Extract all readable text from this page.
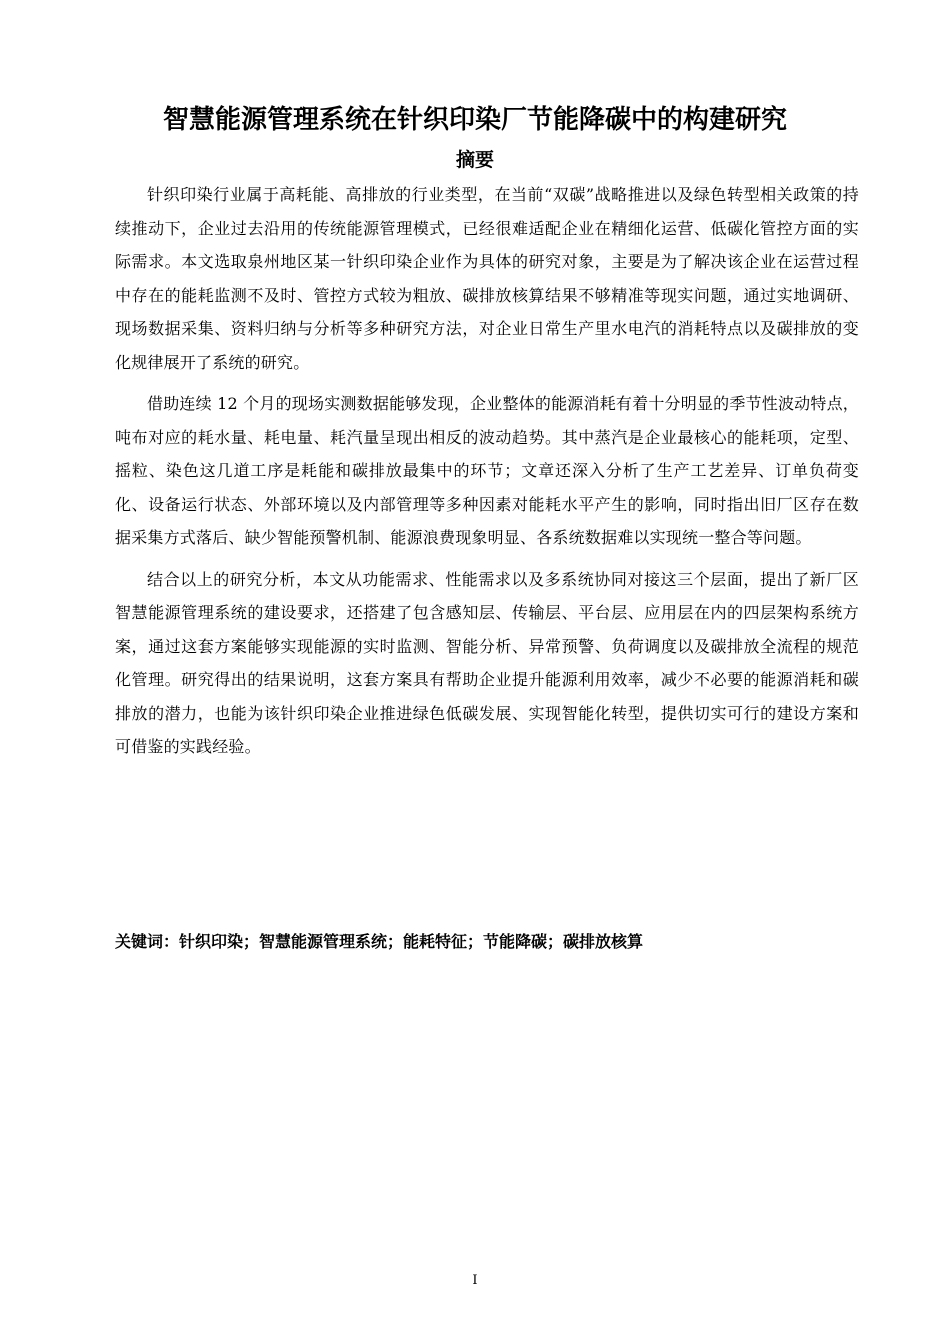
智慧能源管理系统在针织印染厂节能降碳中的构建研究
摘要

针织印染行业属于高耗能、高排放的行业类型，在当前“双碳”战略推进以及绿色转型相关政策的持续推动下，企业过去沿用的传统能源管理模式，已经很难适配企业在精细化运营、低碳化管控方面的实际需求。本文选取泉州地区某一针织印染企业作为具体的研究对象，主要是为了解决该企业在运营过程中存在的能耗监测不及时、管控方式较为粗放、碳排放核算结果不够精准等现实问题，通过实地调研、现场数据采集、资料归纳与分析等多种研究方法，对企业日常生产里水电汽的消耗特点以及碳排放的变化规律展开了系统的研究。

借助连续 12 个月的现场实测数据能够发现，企业整体的能源消耗有着十分明显的季节性波动特点，吨布对应的耗水量、耗电量、耗汽量呈现出相反的波动趋势。其中蒸汽是企业最核心的能耗项，定型、摇粒、染色这几道工序是耗能和碳排放最集中的环节；文章还深入分析了生产工艺差异、订单负荷变化、设备运行状态、外部环境以及内部管理等多种因素对能耗水平产生的影响，同时指出旧厂区存在数据采集方式落后、缺少智能预警机制、能源浪费现象明显、各系统数据难以实现统一整合等问题。

结合以上的研究分析，本文从功能需求、性能需求以及多系统协同对接这三个层面，提出了新厂区智慧能源管理系统的建设要求，还搭建了包含感知层、传输层、平台层、应用层在内的四层架构系统方案，通过这套方案能够实现能源的实时监测、智能分析、异常预警、负荷调度以及碳排放全流程的规范化管理。研究得出的结果说明，这套方案具有帮助企业提升能源利用效率，减少不必要的能源消耗和碳排放的潜力，也能为该针织印染企业推进绿色低碳发展、实现智能化转型，提供切实可行的建设方案和可借鉴的实践经验。

关键词：针织印染；智慧能源管理系统；能耗特征；节能降碳；碳排放核算
I
